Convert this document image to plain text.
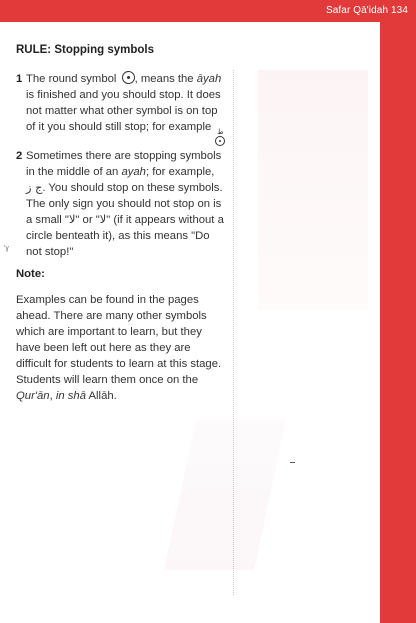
Safar Qā'idah 134
'ɣ
RULE: Stopping symbols
1 The round symbol , means the āyah is finished and you should stop. It does not matter what other symbol is on top of it you should still stop; for example ط
2 Sometimes there are stopping symbols in the middle of an ayah; for example, ج ز. You should stop on these symbols. The only sign you should not stop on is a small "ﻻ" or "ﻻ" (if it appears without a circle benteath it), as this means "Do not stop!"
Note:

Examples can be found in the pages ahead. There are many other symbols which are important to learn, but they have been left out here as they are difficult for students to learn at this stage. Students will learn them once on the Qur'ān, in shā Allāh.
